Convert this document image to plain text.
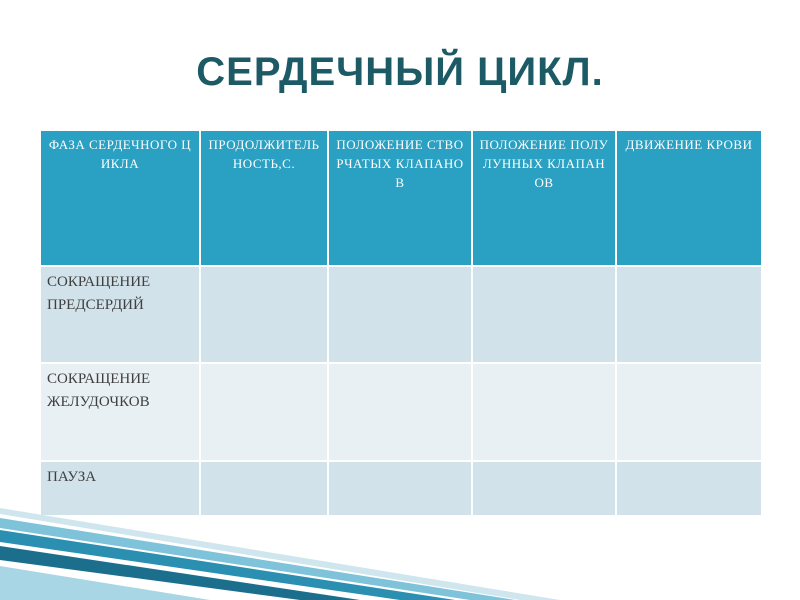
СЕРДЕЧНЫЙ ЦИКЛ.
ФАЗА СЕРДЕЧНОГО ЦИКЛА	ПРОДОЛЖИТЕЛЬНОСТЬ,С.	ПОЛОЖЕНИЕ СТВОРЧАТЫХ КЛАПАНОВ	ПОЛОЖЕНИЕ ПОЛУЛУННЫХ КЛАПАНОВ	ДВИЖЕНИЕ КРОВИ
СОКРАЩЕНИЕ ПРЕДСЕРДИЙ				
СОКРАЩЕНИЕ ЖЕЛУДОЧКОВ				
ПАУЗА				
